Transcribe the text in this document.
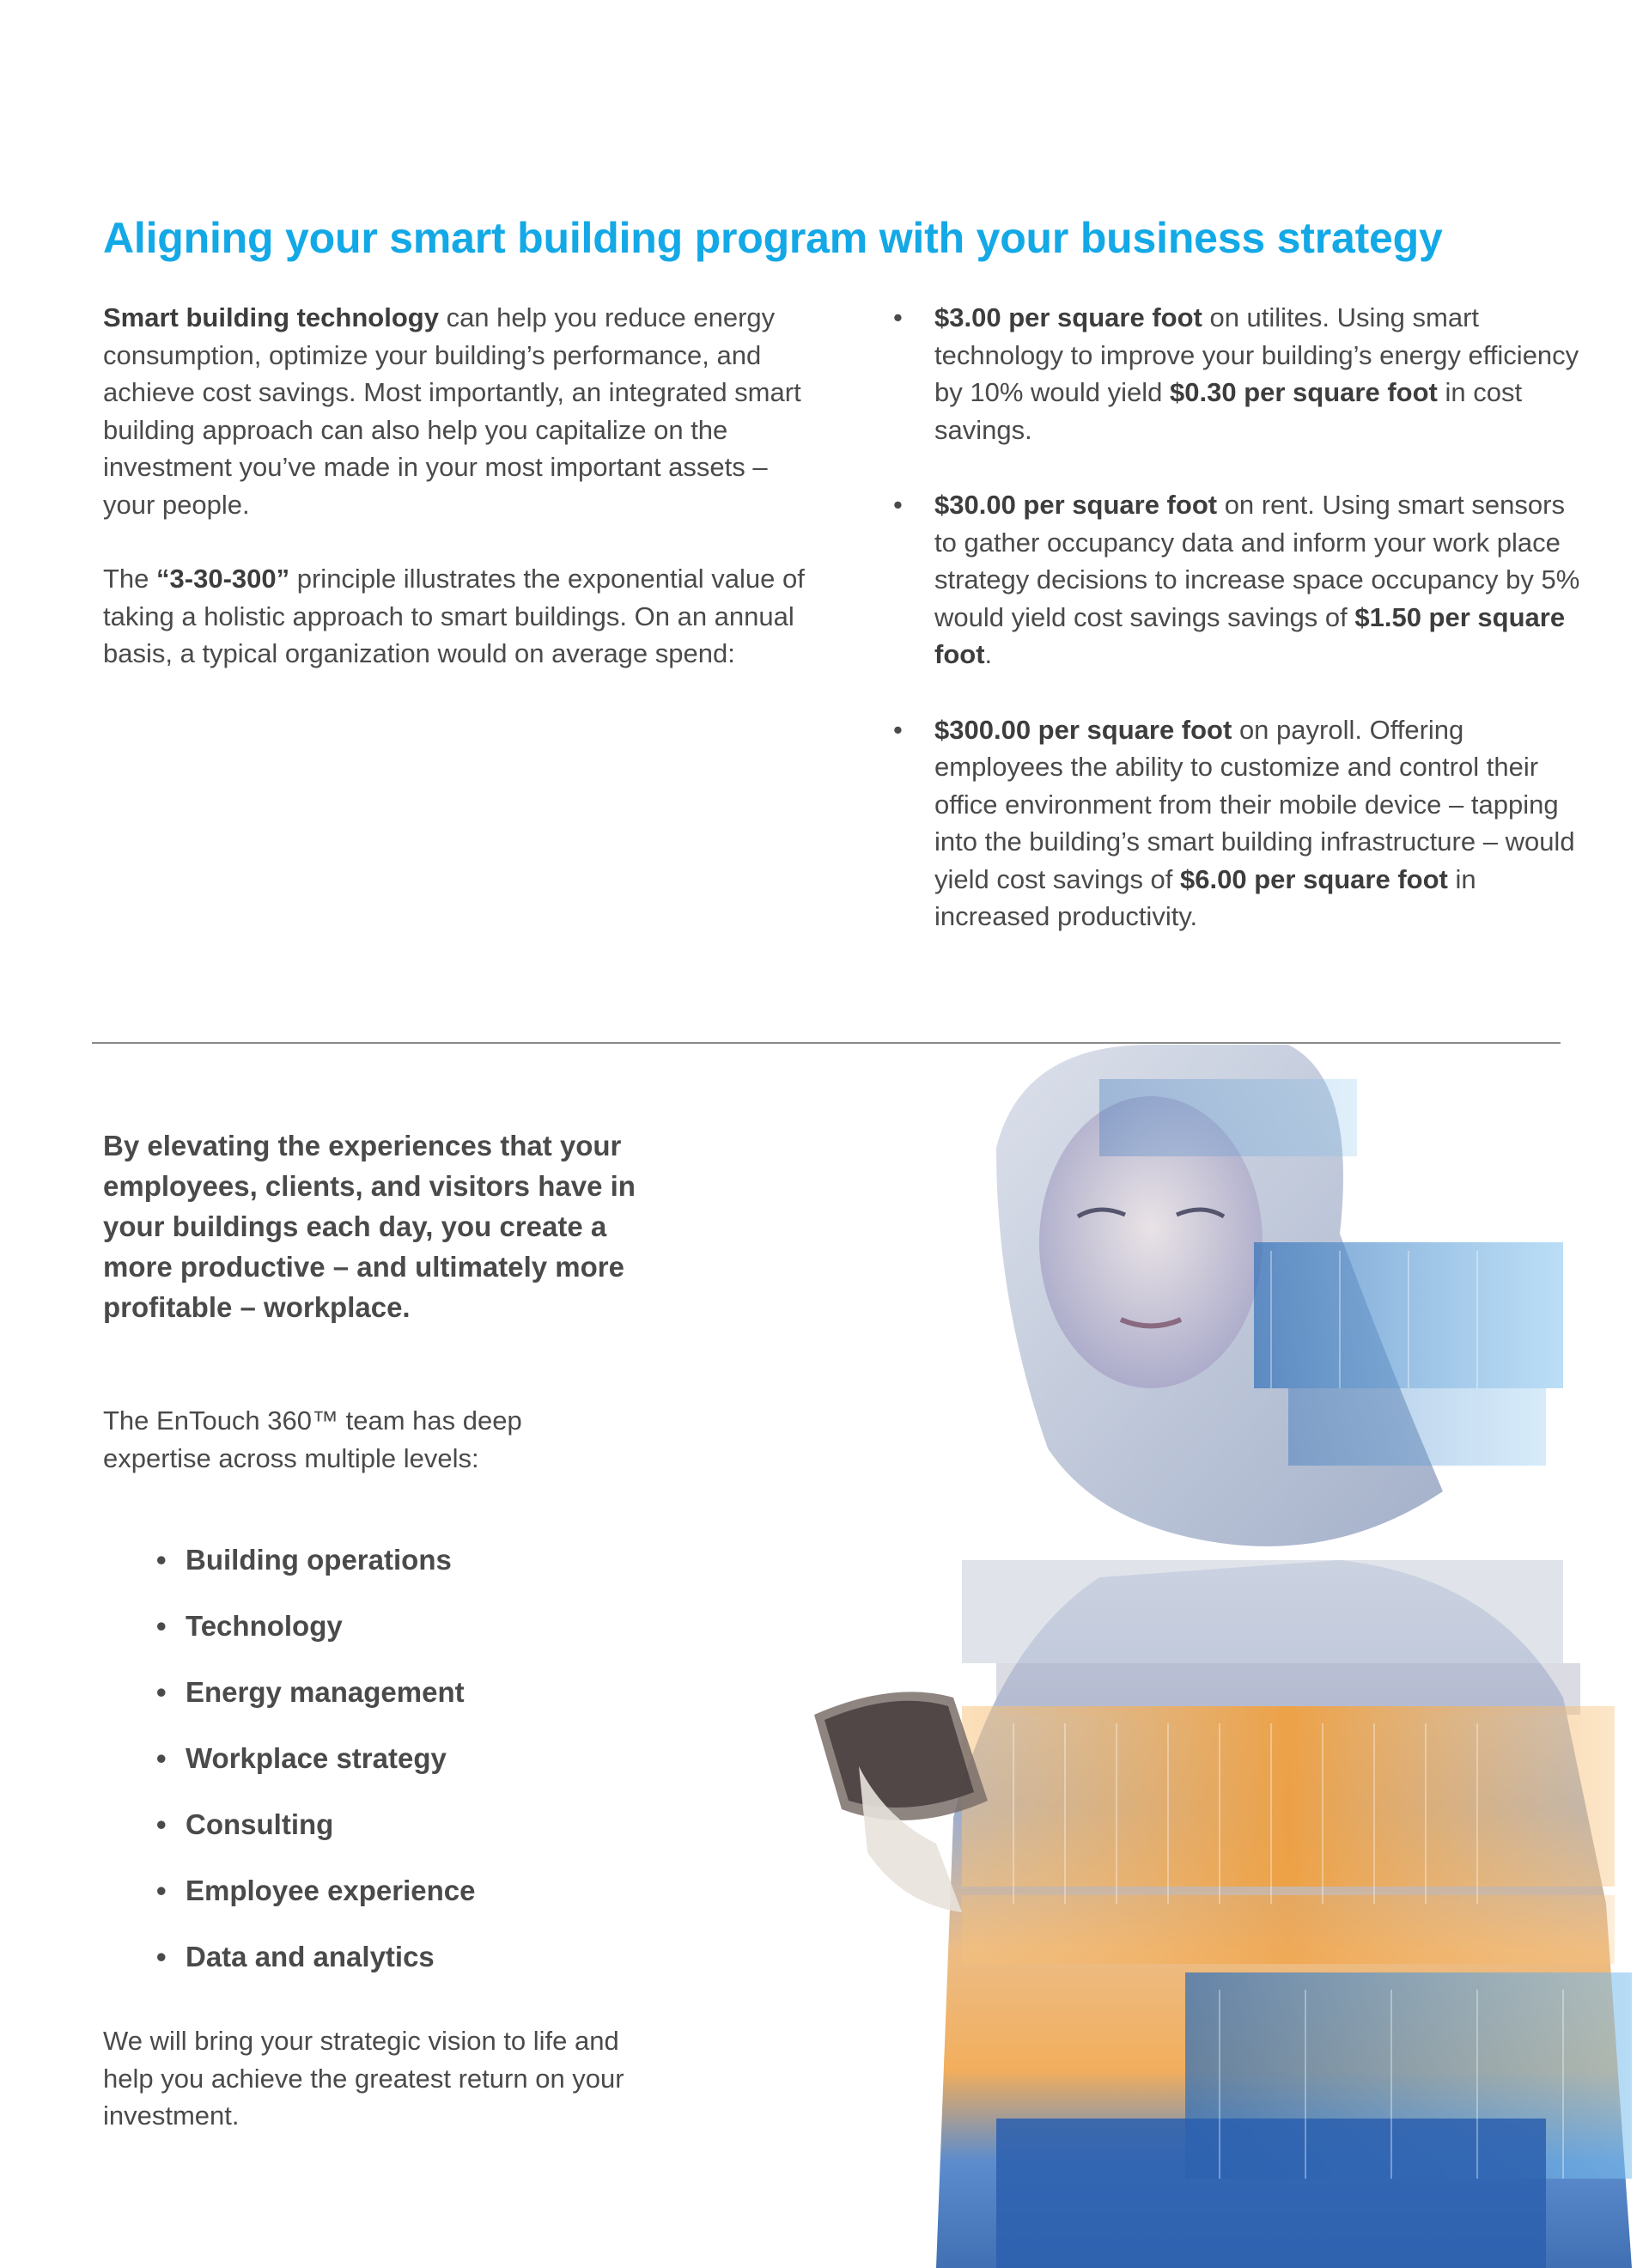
Aligning your smart building program with your business strategy

Smart building technology can help you reduce energy consumption, optimize your building’s performance, and achieve cost savings. Most importantly, an integrated smart building approach can also help you capitalize on the investment you’ve made in your most important assets – your people.

The “3-30-300” principle illustrates the exponential value of taking a holistic approach to smart buildings. On an annual basis, a typical organization would on average spend:

• $3.00 per square foot on utilites. Using smart technology to improve your building’s energy efficiency by 10% would yield $0.30 per square foot in cost savings.
• $30.00 per square foot on rent. Using smart sensors to gather occupancy data and inform your work place strategy decisions to increase space occupancy by 5% would yield cost savings savings of $1.50 per square foot.
• $300.00 per square foot on payroll. Offering employees the ability to customize and control their office environment from their mobile device – tapping into the building’s smart building infrastructure – would yield cost savings of $6.00 per square foot in increased productivity.

By elevating the experiences that your employees, clients, and visitors have in your buildings each day, you create a more productive – and ultimately more profitable – workplace.

The EnTouch 360™ team has deep expertise across multiple levels:

• Building operations
• Technology
• Energy management
• Workplace strategy
• Consulting
• Employee experience
• Data and analytics

We will bring your strategic vision to life and help you achieve the greatest return on your investment.
